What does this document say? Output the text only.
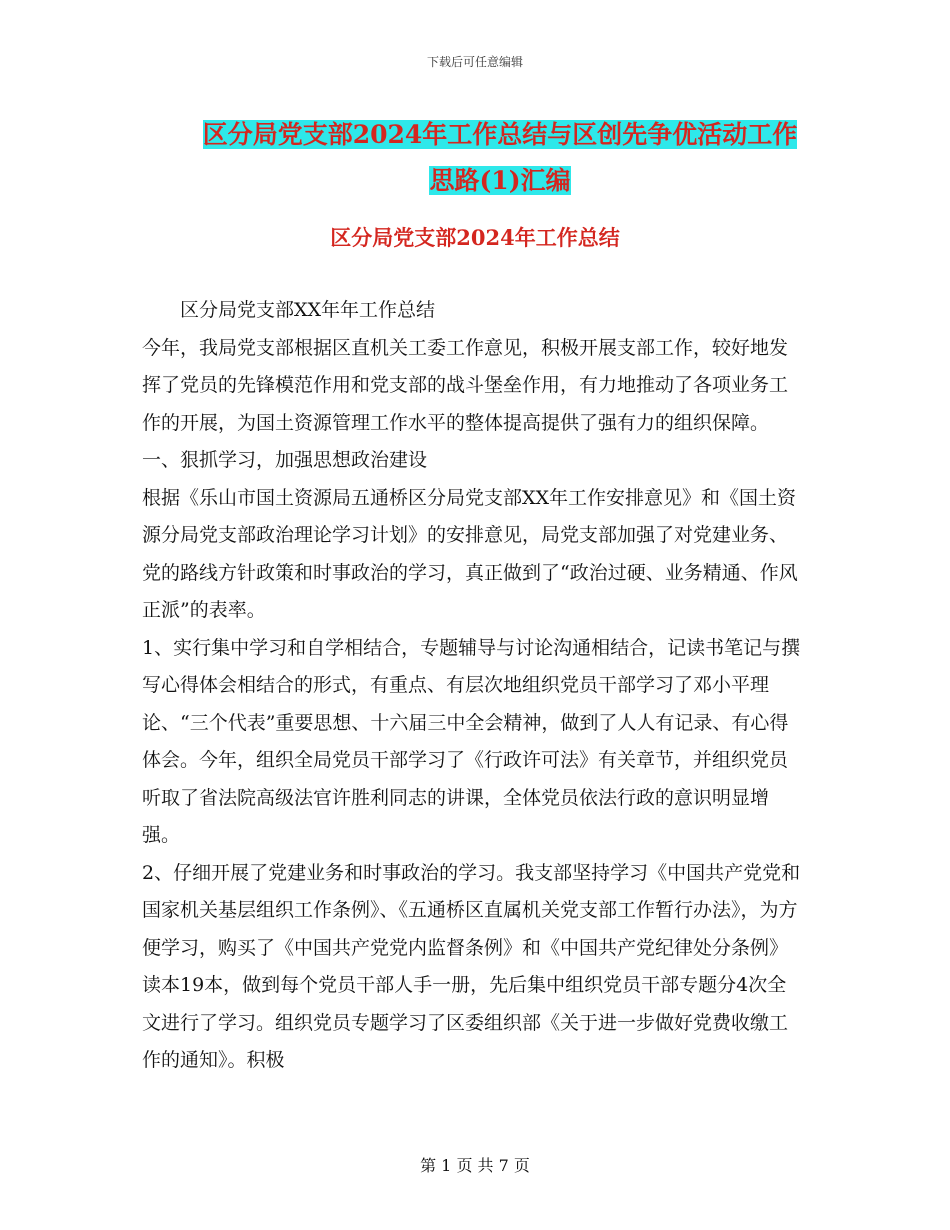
下载后可任意编辑
区分局党支部2024年工作总结与区创先争优活动工作
思路(1)汇编
区分局党支部2024年工作总结

区分局党支部XX年年工作总结

今年，我局党支部根据区直机关工委工作意见，积极开展支部工作，较好地发挥了党员的先锋模范作用和党支部的战斗堡垒作用，有力地推动了各项业务工作的开展，为国土资源管理工作水平的整体提高提供了强有力的组织保障。

一、狠抓学习，加强思想政治建设

根据《乐山市国土资源局五通桥区分局党支部XX年工作安排意见》和《国土资源分局党支部政治理论学习计划》的安排意见，局党支部加强了对党建业务、党的路线方针政策和时事政治的学习，真正做到了“政治过硬、业务精通、作风正派”的表率。

1、实行集中学习和自学相结合，专题辅导与讨论沟通相结合，记读书笔记与撰写心得体会相结合的形式，有重点、有层次地组织党员干部学习了邓小平理论、“三个代表”重要思想、十六届三中全会精神，做到了人人有记录、有心得体会。今年，组织全局党员干部学习了《行政许可法》有关章节，并组织党员听取了省法院高级法官许胜利同志的讲课，全体党员依法行政的意识明显增强。

2、仔细开展了党建业务和时事政治的学习。我支部坚持学习《中国共产党党和国家机关基层组织工作条例》、《五通桥区直属机关党支部工作暂行办法》，为方便学习，购买了《中国共产党党内监督条例》和《中国共产党纪律处分条例》读本19本，做到每个党员干部人手一册，先后集中组织党员干部专题分4次全文进行了学习。组织党员专题学习了区委组织部《关于进一步做好党费收缴工作的通知》。积极

第 1 页 共 7 页
